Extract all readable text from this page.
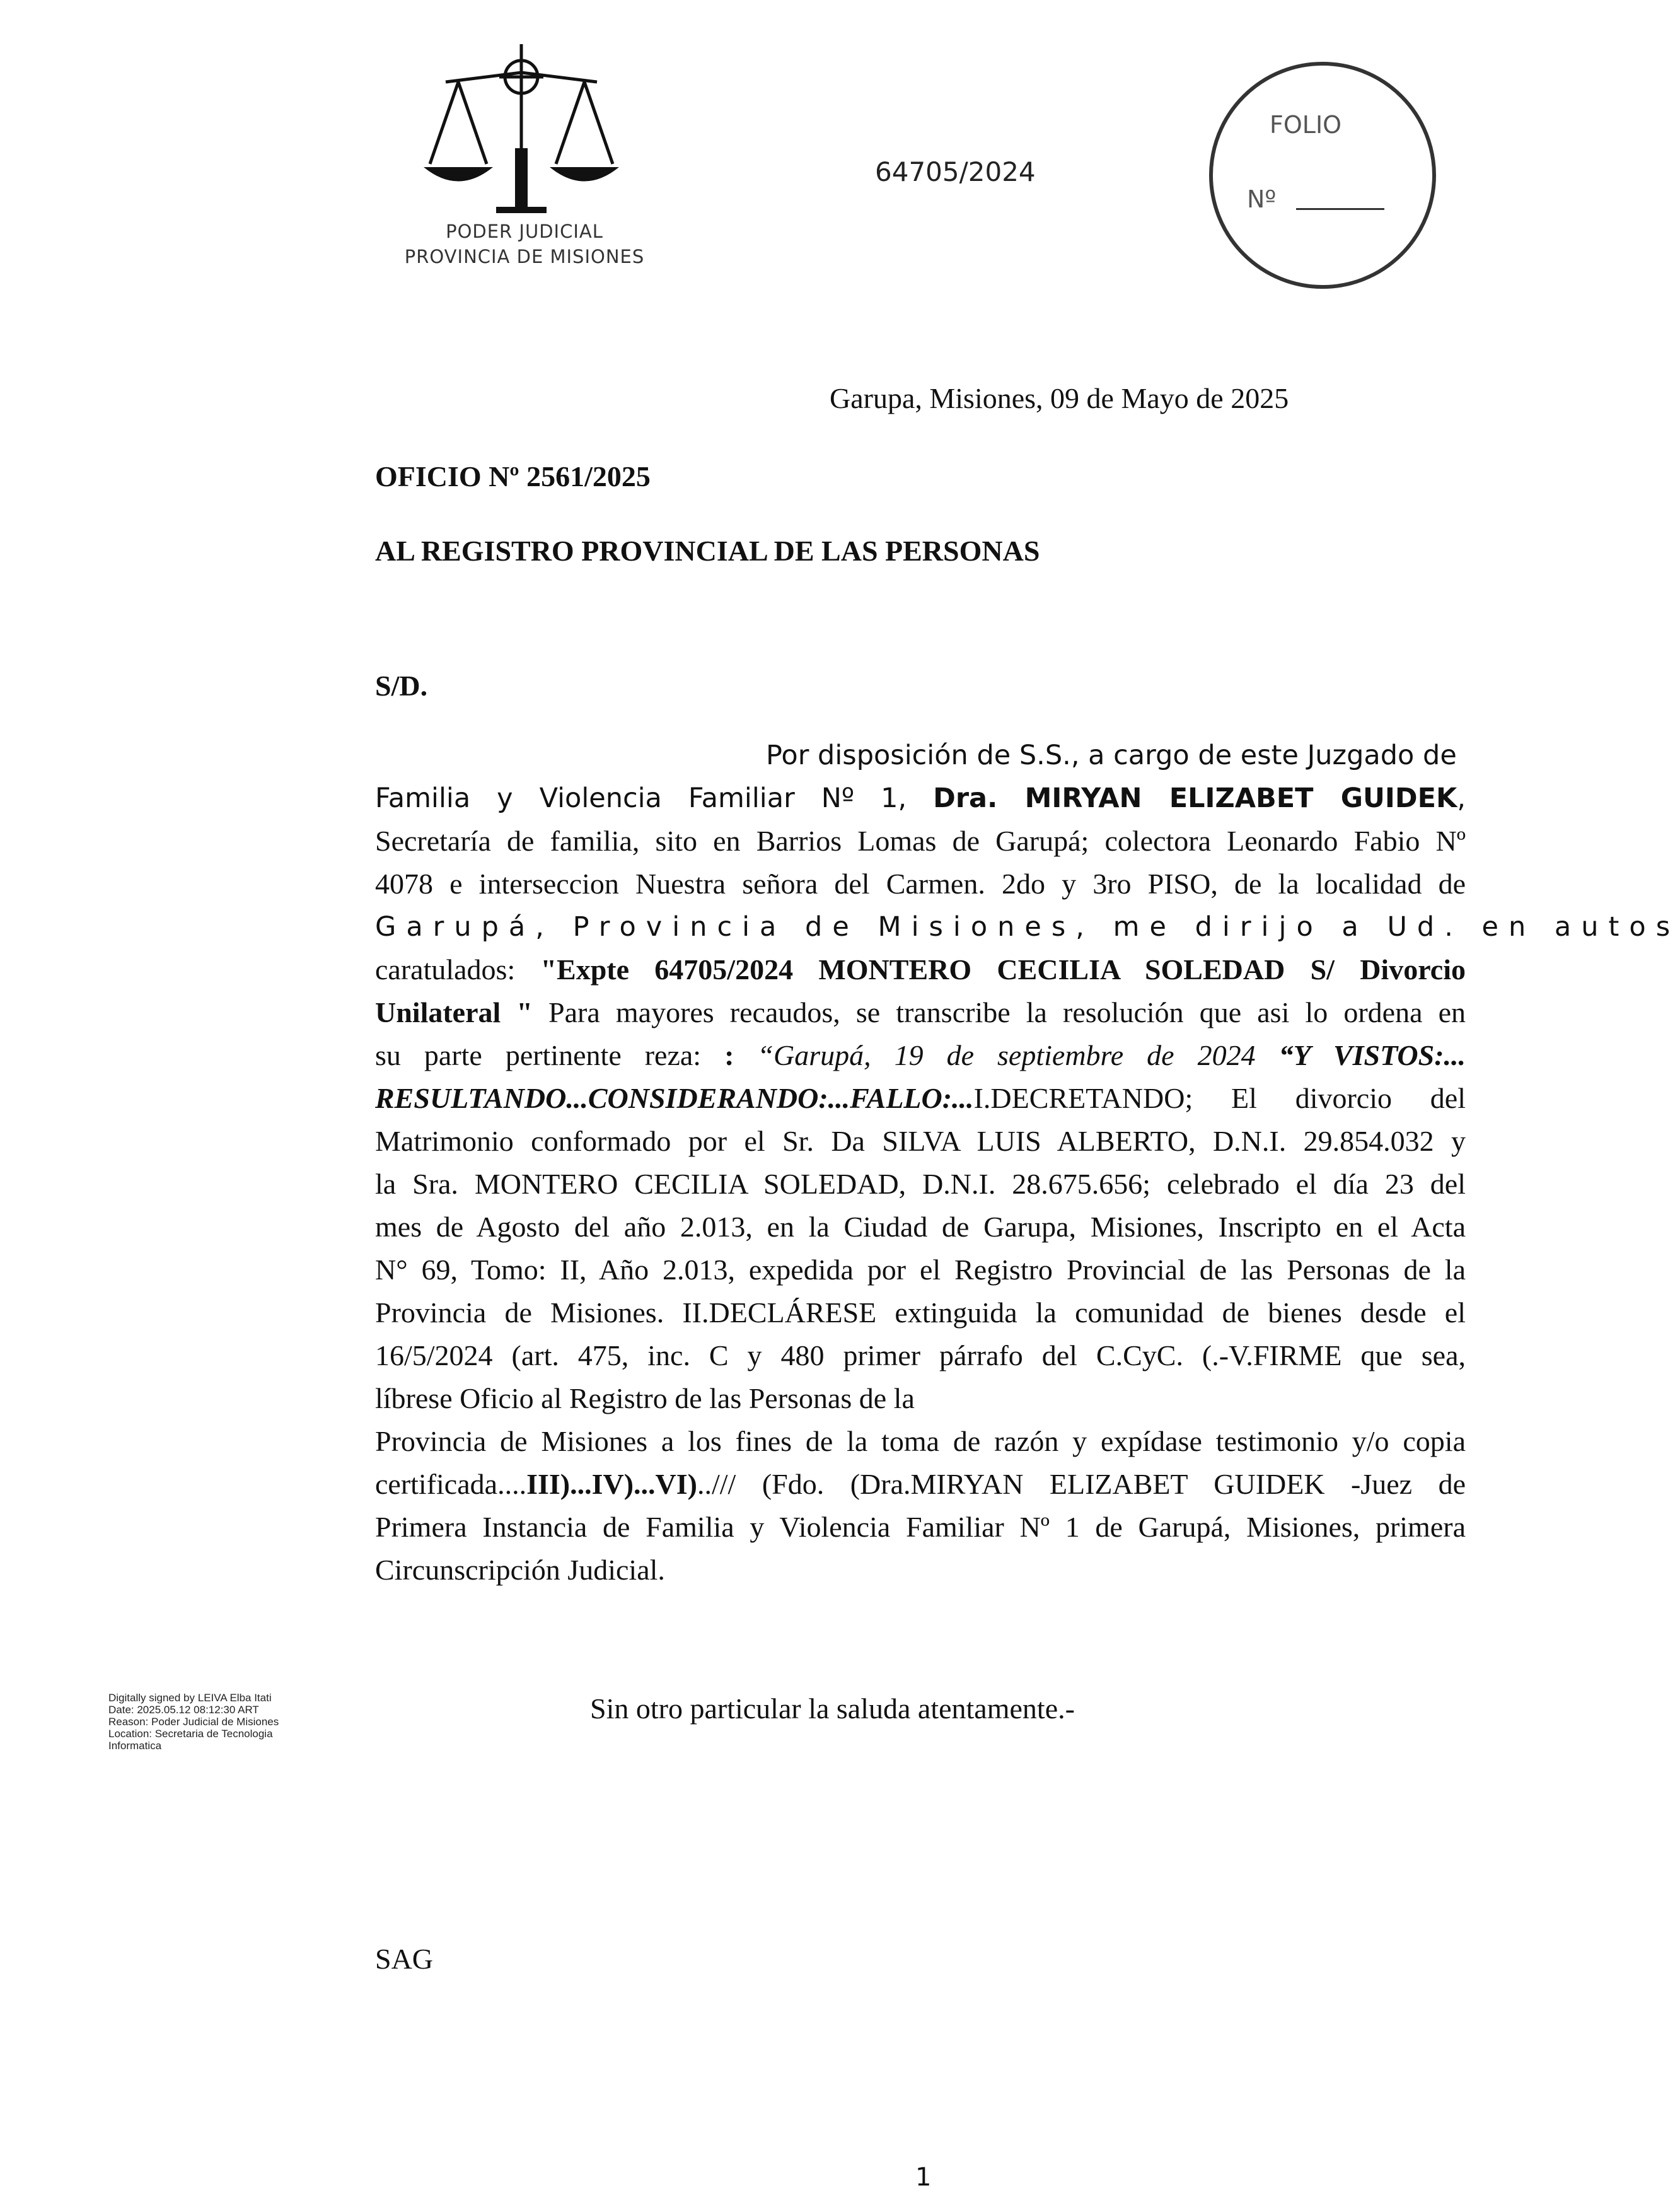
PODER JUDICIAL
PROVINCIA DE MISIONES
64705/2024
FOLIO
Nº
Garupa, Misiones, 09 de Mayo de 2025
OFICIO Nº 2561/2025
AL REGISTRO PROVINCIAL DE LAS PERSONAS
S/D.
Por disposición de S.S., a cargo de este Juzgado de
Familia y Violencia Familiar Nº 1, Dra. MIRYAN ELIZABET GUIDEK,
Secretaría de familia, sito en Barrios Lomas de Garupá; colectora Leonardo Fabio Nº
4078 e interseccion Nuestra señora del Carmen. 2do y 3ro PISO, de la localidad de
Garupá, Provincia de Misiones, me dirijo a Ud. en autos
caratulados: "Expte 64705/2024 MONTERO CECILIA SOLEDAD S/ Divorcio
Unilateral " Para mayores recaudos, se transcribe la resolución que asi lo ordena en
su parte pertinente reza: : “Garupá, 19 de septiembre de 2024 “Y VISTOS:...
RESULTANDO...CONSIDERANDO:...FALLO:...I.DECRETANDO; El divorcio del
Matrimonio conformado por el Sr. Da SILVA LUIS ALBERTO, D.N.I. 29.854.032 y
la Sra. MONTERO CECILIA SOLEDAD, D.N.I. 28.675.656; celebrado el día 23 del
mes de Agosto del año 2.013, en la Ciudad de Garupa, Misiones, Inscripto en el Acta
N° 69, Tomo: II, Año 2.013, expedida por el Registro Provincial de las Personas de la
Provincia de Misiones. II.DECLÁRESE extinguida la comunidad de bienes desde el
16/5/2024 (art. 475, inc. C y 480 primer párrafo del C.CyC. (.-V.FIRME que sea,
líbrese Oficio al Registro de las Personas de la
Provincia de Misiones a los fines de la toma de razón y expídase testimonio y/o copia
certificada....III)...IV)...VI)../// (Fdo. (Dra.MIRYAN ELIZABET GUIDEK -Juez de
Primera Instancia de Familia y Violencia Familiar Nº 1 de Garupá, Misiones, primera
Circunscripción Judicial.
Digitally signed by LEIVA Elba Itati
Date: 2025.05.12 08:12:30 ART
Reason: Poder Judicial de Misiones
Location: Secretaria de Tecnologia
Informatica
Sin otro particular la saluda atentamente.-
SAG
1
